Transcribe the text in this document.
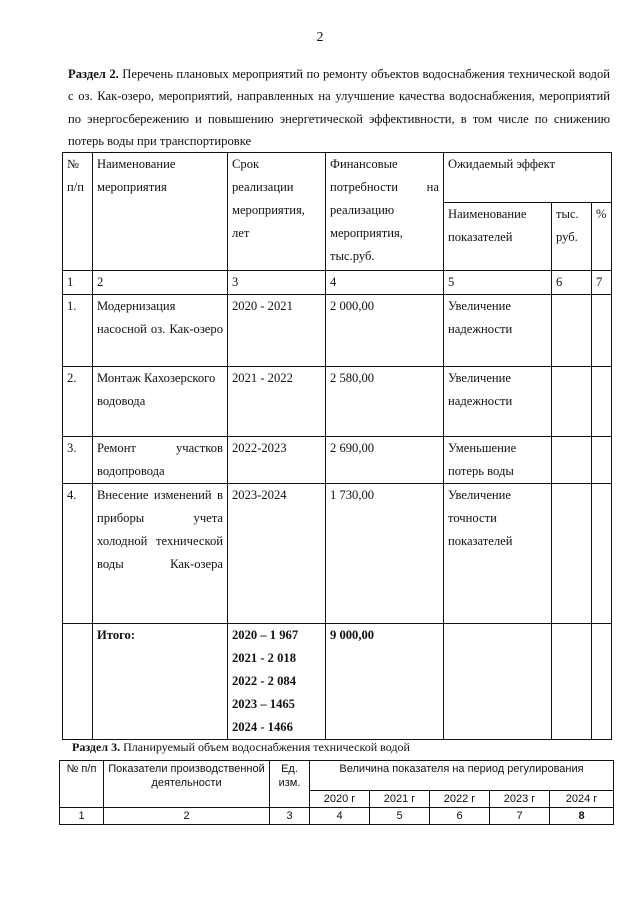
2
Раздел 2. Перечень плановых мероприятий по ремонту объектов водоснабжения технической водой с оз. Как-озеро, мероприятий, направленных на улучшение качества водоснабжения, мероприятий по энергосбережению и повышению энергетической эффективности, в том числе по снижению потерь воды при транспортировке
№ п/п	Наименование мероприятия	Срок реализации мероприятия, лет	Финансовые потребности на реализацию мероприятия, тыс.руб.	Ожидаемый эффект		
				Наименование показателей	тыс. руб.	%
1	2	3	4	5	6	7
1.	Модернизация насосной оз. Как-озеро	2020 - 2021	2 000,00	Увеличение надежности		
2.	Монтаж Кахозерского водовода	2021 - 2022	2 580,00	Увеличение надежности		
3.	Ремонт участков водопровода	2022-2023	2 690,00	Уменьшение потерь воды		
4.	Внесение изменений в приборы учета холодной технической воды Как-озера	2023-2024	1 730,00	Увеличение точности показателей		
	Итого:	2020 – 1 967
2021 - 2 018
2022 - 2 084
2023 – 1465
2024 - 1466	9 000,00			
Раздел 3. Планируемый объем водоснабжения технической водой
№ п/п	Показатели производственной деятельности	Ед. изм.	Величина показателя на период регулирования				
			2020 г	2021 г	2022 г	2023 г	2024 г
1	2	3	4	5	6	7	8
